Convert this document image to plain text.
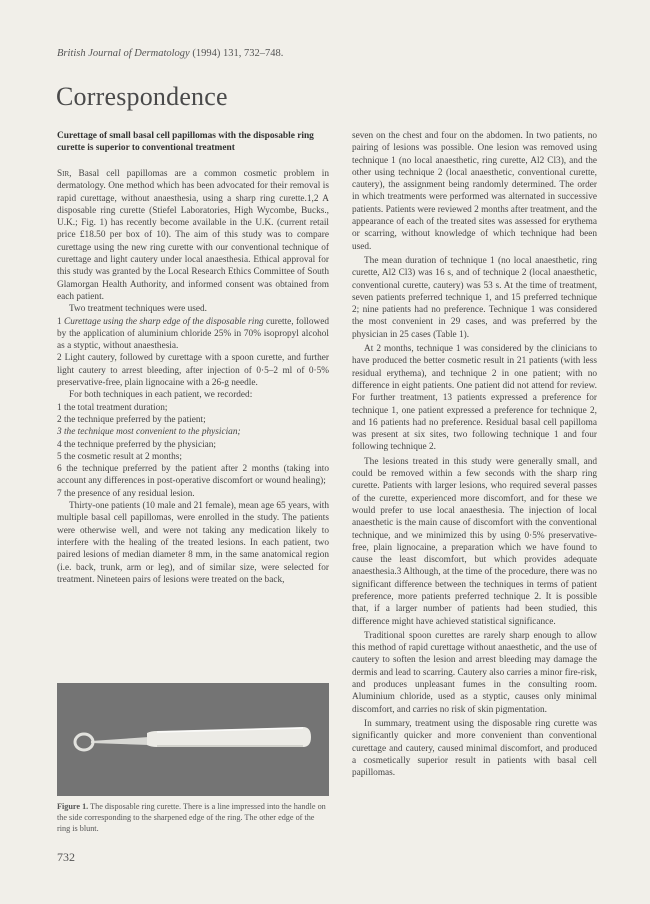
British Journal of Dermatology (1994) 131, 732–748.
Correspondence
Curettage of small basal cell papillomas with the disposable ring curette is superior to conventional treatment

Sir, Basal cell papillomas are a common cosmetic problem in dermatology. One method which has been advocated for their removal is rapid curettage, without anaesthesia, using a sharp ring curette.1,2 A disposable ring curette (Stiefel Laboratories, High Wycombe, Bucks., U.K.; Fig. 1) has recently become available in the U.K. (current retail price £18.50 per box of 10). The aim of this study was to compare curettage using the new ring curette with our conventional technique of curettage and light cautery under local anaesthesia. Ethical approval for this study was granted by the Local Research Ethics Committee of South Glamorgan Health Authority, and informed consent was obtained from each patient.

Two treatment techniques were used.

1 Curettage using the sharp edge of the disposable ring curette, followed by the application of aluminium chloride 25% in 70% isopropyl alcohol as a styptic, without anaesthesia.

2 Light cautery, followed by curettage with a spoon curette, and further light cautery to arrest bleeding, after injection of 0·5–2 ml of 0·5% preservative-free, plain lignocaine with a 26-g needle.

For both techniques in each patient, we recorded:

1 the total treatment duration;

2 the technique preferred by the patient;

3 the technique most convenient to the physician;

4 the technique preferred by the physician;

5 the cosmetic result at 2 months;

6 the technique preferred by the patient after 2 months (taking into account any differences in post-operative discomfort or wound healing);

7 the presence of any residual lesion.

Thirty-one patients (10 male and 21 female), mean age 65 years, with multiple basal cell papillomas, were enrolled in the study. The patients were otherwise well, and were not taking any medication likely to interfere with the healing of the treated lesions. In each patient, two paired lesions of median diameter 8 mm, in the same anatomical region (i.e. back, trunk, arm or leg), and of similar size, were selected for treatment. Nineteen pairs of lesions were treated on the back,

Figure 1. The disposable ring curette. There is a line impressed into the handle on the side corresponding to the sharpened edge of the ring. The other edge of the ring is blunt.

seven on the chest and four on the abdomen. In two patients, no pairing of lesions was possible. One lesion was removed using technique 1 (no local anaesthetic, ring curette, Al2 Cl3), and the other using technique 2 (local anaesthetic, conventional curette, cautery), the assignment being randomly determined. The order in which treatments were performed was alternated in successive patients. Patients were reviewed 2 months after treatment, and the appearance of each of the treated sites was assessed for erythema or scarring, without knowledge of which technique had been used.

The mean duration of technique 1 (no local anaesthetic, ring curette, Al2 Cl3) was 16 s, and of technique 2 (local anaesthetic, conventional curette, cautery) was 53 s. At the time of treatment, seven patients preferred technique 1, and 15 preferred technique 2; nine patients had no preference. Technique 1 was considered the most convenient in 29 cases, and was preferred by the physician in 25 cases (Table 1).

At 2 months, technique 1 was considered by the clinicians to have produced the better cosmetic result in 21 patients (with less residual erythema), and technique 2 in one patient; with no difference in eight patients. One patient did not attend for review. For further treatment, 13 patients expressed a preference for technique 1, one patient expressed a preference for technique 2, and 16 patients had no preference. Residual basal cell papilloma was present at six sites, two following technique 1 and four following technique 2.

The lesions treated in this study were generally small, and could be removed within a few seconds with the sharp ring curette. Patients with larger lesions, who required several passes of the curette, experienced more discomfort, and for these we would prefer to use local anaesthesia. The injection of local anaesthetic is the main cause of discomfort with the conventional technique, and we minimized this by using 0·5% preservative-free, plain lignocaine, a preparation which we have found to cause the least discomfort, but which provides adequate anaesthesia.3 Although, at the time of the procedure, there was no significant difference between the techniques in terms of patient preference, more patients preferred technique 2. It is possible that, if a larger number of patients had been studied, this difference might have achieved statistical significance.

Traditional spoon curettes are rarely sharp enough to allow this method of rapid curettage without anaesthetic, and the use of cautery to soften the lesion and arrest bleeding may damage the dermis and lead to scarring. Cautery also carries a minor fire-risk, and produces unpleasant fumes in the consulting room. Aluminium chloride, used as a styptic, causes only minimal discomfort, and carries no risk of skin pigmentation.

In summary, treatment using the disposable ring curette was significantly quicker and more convenient than conventional curettage and cautery, caused minimal discomfort, and produced a cosmetically superior result in patients with basal cell papillomas.

732
